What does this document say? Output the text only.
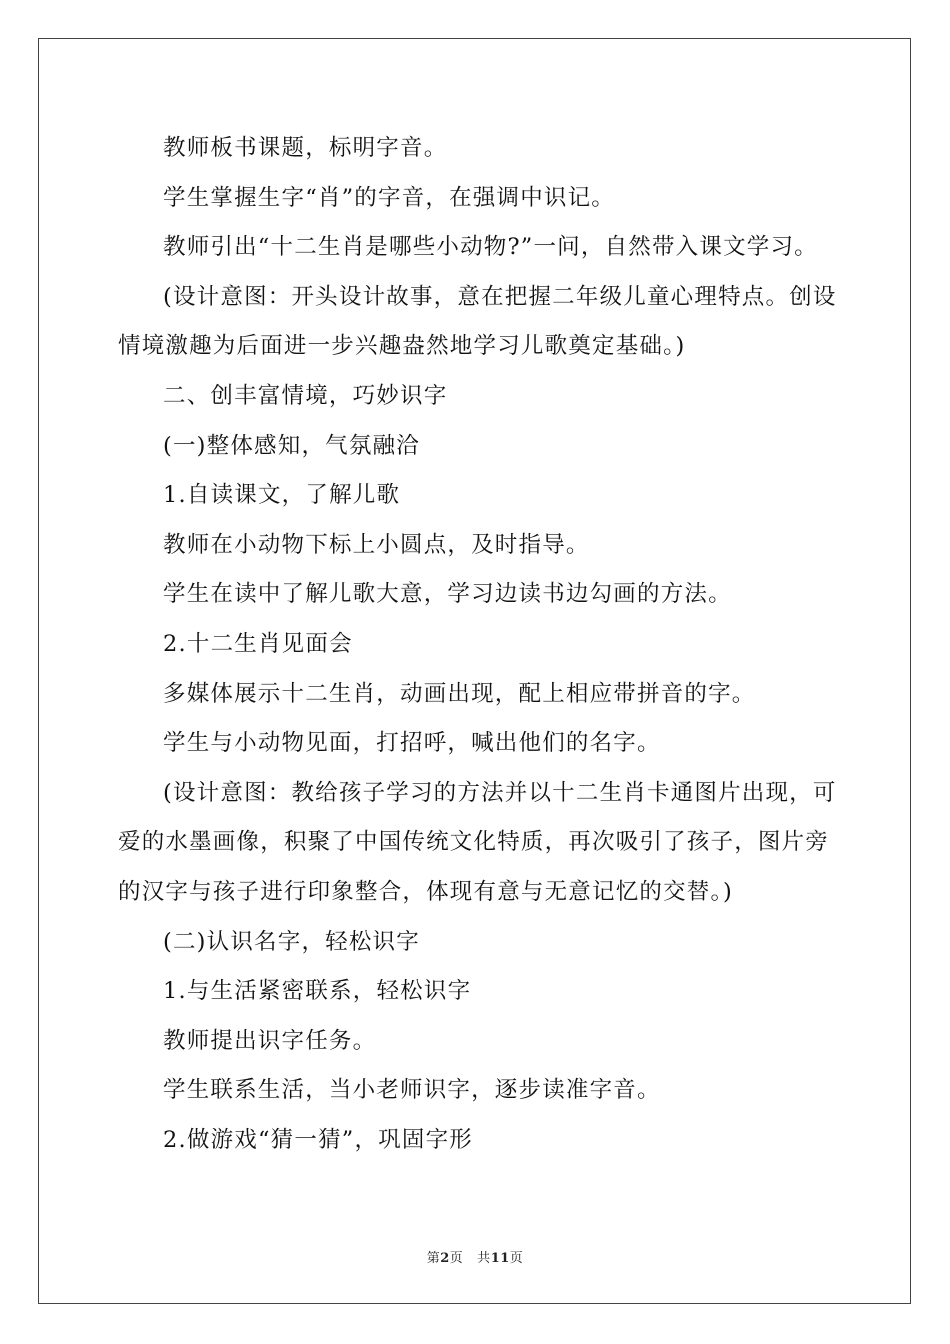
教师板书课题，标明字音。

学生掌握生字“肖”的字音，在强调中识记。

教师引出“十二生肖是哪些小动物?”一问，自然带入课文学习。

(设计意图：开头设计故事，意在把握二年级儿童心理特点。创设情境激趣为后面进一步兴趣盎然地学习儿歌奠定基础。)

二、创丰富情境，巧妙识字

(一)整体感知，气氛融洽

1.自读课文，了解儿歌

教师在小动物下标上小圆点，及时指导。

学生在读中了解儿歌大意，学习边读书边勾画的方法。

2.十二生肖见面会

多媒体展示十二生肖，动画出现，配上相应带拼音的字。

学生与小动物见面，打招呼，喊出他们的名字。

(设计意图：教给孩子学习的方法并以十二生肖卡通图片出现，可爱的水墨画像，积聚了中国传统文化特质，再次吸引了孩子，图片旁的汉字与孩子进行印象整合，体现有意与无意记忆的交替。)

(二)认识名字，轻松识字

1.与生活紧密联系，轻松识字

教师提出识字任务。

学生联系生活，当小老师识字，逐步读准字音。

2.做游戏“猜一猜”，巩固字形

第2页 共11页
